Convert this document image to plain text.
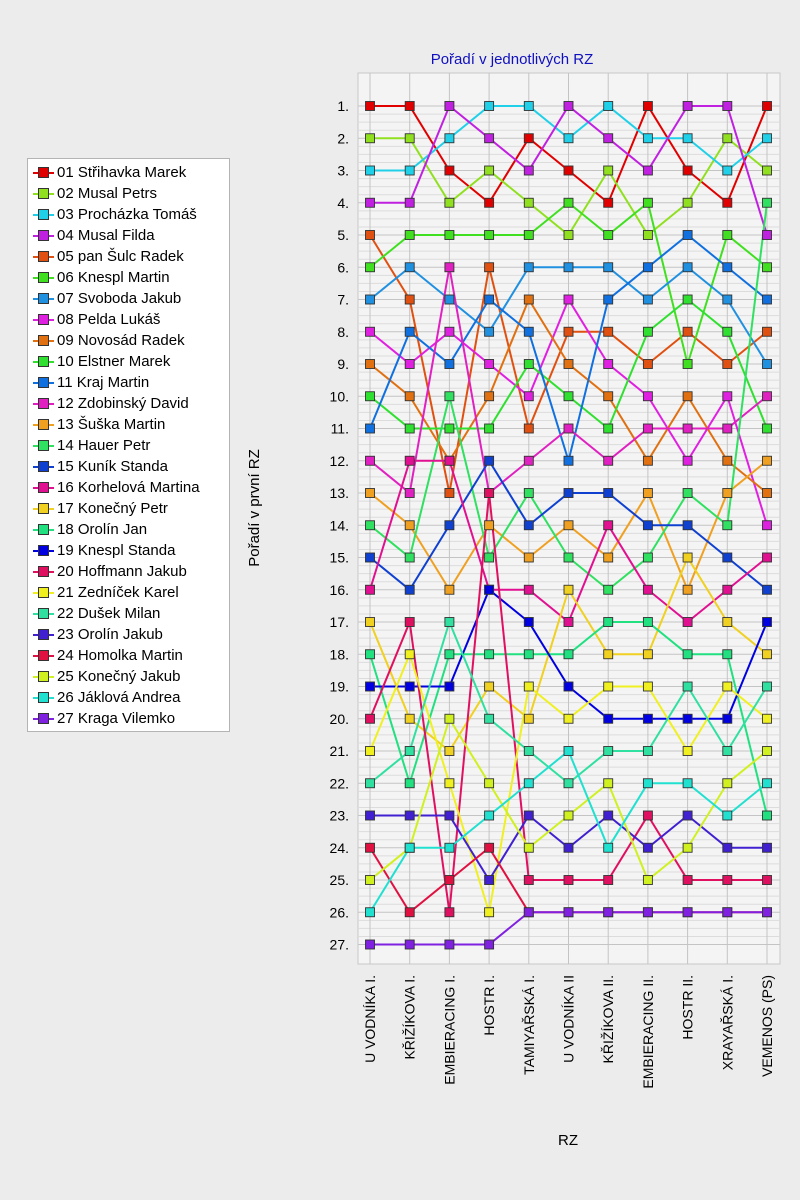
1.
2.
3.
4.
5.
6.
7.
8.
9.
10.
11.
12.
13.
14.
15.
16.
17.
18.
19.
20.
21.
22.
23.
24.
25.
26.
27.
U VODNÍKA I. KŘIŽÍKOVA I. EMBIERACING I. HOSTR I. TAMIYAŘSKÁ I. U VODNÍKA II KŘIŽÍKOVA II. EMBIERACING II. HOSTR II. XRAYAŘSKÁ I. VEMENOS (PS)
Pořadí v jednotlivých RZ
RZ
Pořadí v první RZ
01 Střihavka Marek
02 Musal Petrs
03 Procházka Tomáš
04 Musal Filda
05 pan Šulc Radek
06 Knespl Martin
07 Svoboda Jakub
08 Pelda Lukáš
09 Novosád Radek
10 Elstner Marek
11 Kraj Martin
12 Zdobinský David
13 Šuška Martin
14 Hauer Petr
15 Kuník Standa
16 Korhelová Martina
17 Konečný Petr
18 Orolín Jan
19 Knespl Standa
20 Hoffmann Jakub
21 Zedníček Karel
22 Dušek Milan
23 Orolín Jakub
24 Homolka Martin
25 Konečný Jakub
26 Jáklová Andrea
27 Kraga Vilemko
